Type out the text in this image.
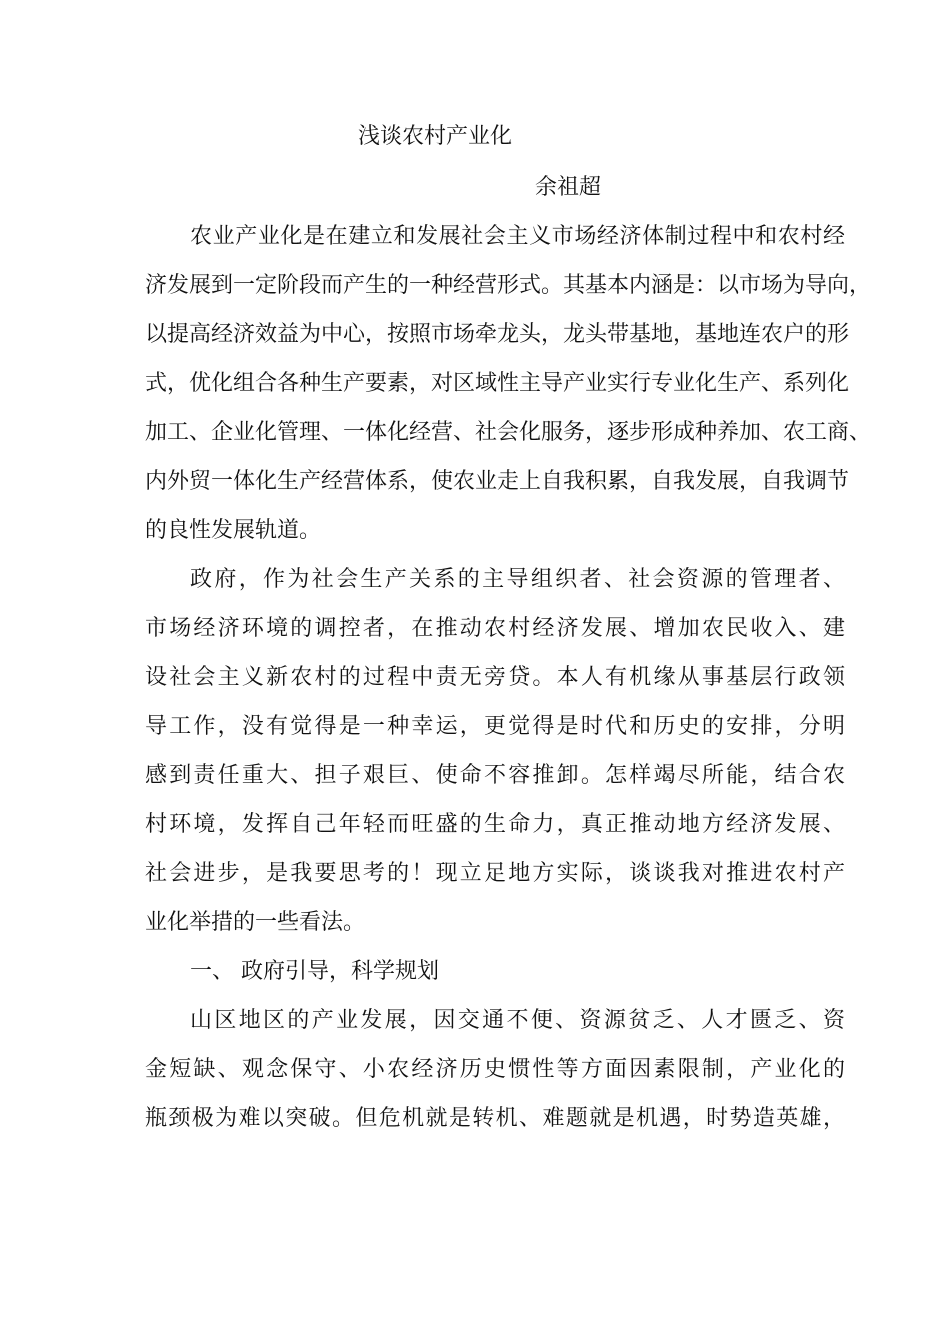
浅谈农村产业化
余祖超
农业产业化是在建立和发展社会主义市场经济体制过程中和农村经
济发展到一定阶段而产生的一种经营形式。其基本内涵是：以市场为导向，
以提高经济效益为中心，按照市场牵龙头，龙头带基地，基地连农户的形
式，优化组合各种生产要素，对区域性主导产业实行专业化生产、系列化
加工、企业化管理、一体化经营、社会化服务，逐步形成种养加、农工商、
内外贸一体化生产经营体系，使农业走上自我积累，自我发展，自我调节
的良性发展轨道。
政府，作为社会生产关系的主导组织者、社会资源的管理者、
市场经济环境的调控者，在推动农村经济发展、增加农民收入、建
设社会主义新农村的过程中责无旁贷。本人有机缘从事基层行政领
导工作，没有觉得是一种幸运，更觉得是时代和历史的安排，分明
感到责任重大、担子艰巨、使命不容推卸。怎样竭尽所能，结合农
村环境，发挥自己年轻而旺盛的生命力，真正推动地方经济发展、
社会进步，是我要思考的！现立足地方实际，谈谈我对推进农村产
业化举措的一些看法。
一、 政府引导，科学规划
山区地区的产业发展，因交通不便、资源贫乏、人才匮乏、资
金短缺、观念保守、小农经济历史惯性等方面因素限制，产业化的
瓶颈极为难以突破。但危机就是转机、难题就是机遇，时势造英雄，
